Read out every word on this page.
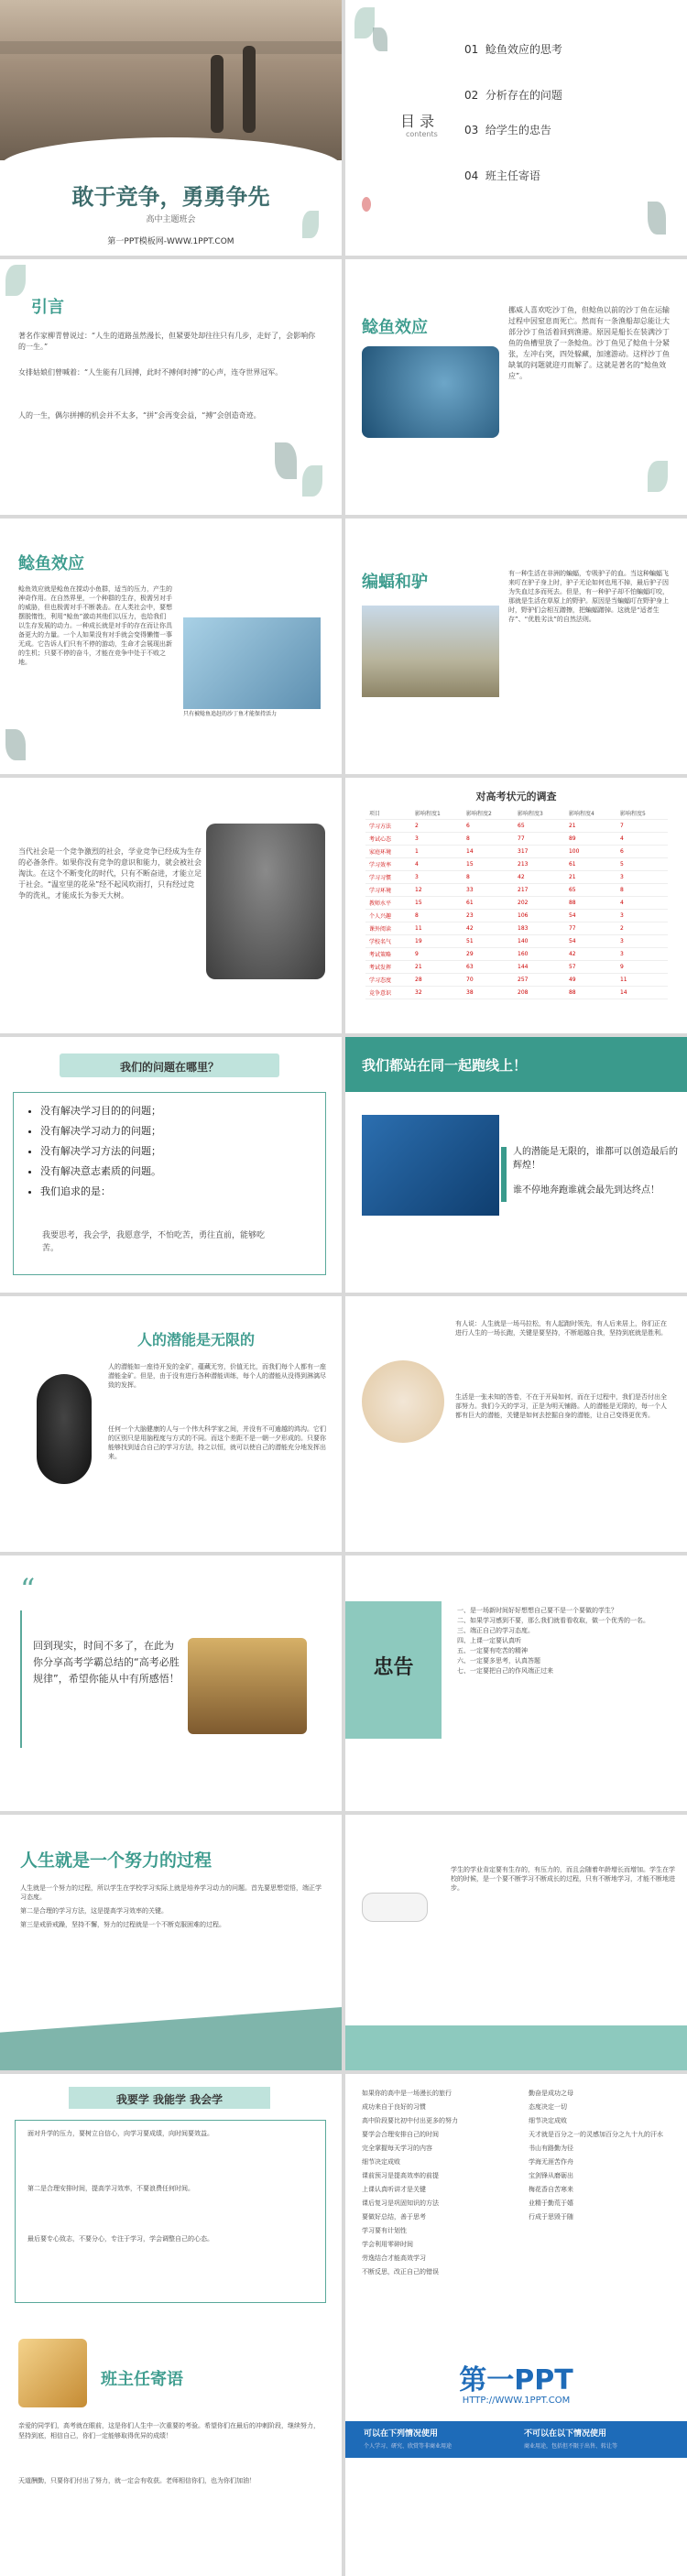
敢于竞争，勇勇争先
高中主题班会
第一PPT模板网-WWW.1PPT.COM
目 录
contents
01 鲶鱼效应的思考
02 分析存在的问题
03 给学生的忠告
04 班主任寄语
引言
著名作家柳青曾说过：“人生的道路虽然漫长，但紧要处却往往只有几步，走好了，会影响你的一生。”
女排姑娘们曾喊着：“人生能有几回搏，此时不搏何时搏”的心声，连夺世界冠军。
人的一生，偶尔拼搏的机会并不太多，“拼”会再变会益，“搏”会创造奇迹。
鲶鱼效应
挪威人喜欢吃沙丁鱼，但鲶鱼以前的沙丁鱼在运输过程中因窒息而死亡。然而有一条渔船却总能让大部分沙丁鱼活着回到渔港。原因是船长在装满沙丁鱼的鱼槽里放了一条鲶鱼。沙丁鱼见了鲶鱼十分紧张，左冲右突，四处躲藏，加速游动。这样沙丁鱼缺氧的问题就迎刃而解了。这就是著名的“鲶鱼效应”。
鲶鱼效应
鲶鱼效应就是鲶鱼在搅动小鱼群，适当的压力，产生的神奇作用。在自然界里，一个种群的生存，极需另对手的威胁，但也极需对手不断袭击。在人类社会中，要想摆脱惰性，利用“鲶鱼”激动其他们以压力，也给我们以生存发展的动力。一种成长就是对手的存在而让你具备更大的力量。一个人如果没有对手就会变得懒惰一事无成。它告诉人们只有不停的游动，生命才会展现出新的生机；只要不停的奋斗，才能在竞争中处于不败之地。
只有被鲶鱼追赶的沙丁鱼才能保持活力
编蝠和驴	有一种生活在非洲的蝙蝠，专吸驴子的血。当这种蝙蝠飞来叮在驴子身上时，驴子无论如何也甩不掉，最后驴子因为失血过多而死去。但是，有一种驴子却不怕蝙蝠叮咬，那就是生活在草原上的野驴。原因是当蝙蝠叮在野驴身上时，野驴们会相互蹭擦，把蝙蝠蹭掉。这就是“适者生存”、“优胜劣汰”的自然法则。
当代社会是一个竞争激烈的社会，学业竞争已经成为生存的必备条件。如果你没有竞争的意识和能力，就会被社会淘汰。在这个不断变化的时代，只有不断奋进，才能立足于社会。“温室里的花朵”经不起风吹雨打，只有经过竞争的洗礼，才能成长为参天大树。
对高考状元的调查
项目	影响程度1	影响程度2	影响程度3	影响程度4	影响程度5
学习方法	2	6	65	21	7
考试心态	3	8	77	89	4
家庭环境	1	14	317	100	6
学习效率	4	15	213	61	5
学习习惯	3	8	42	21	3
学习环境	12	33	217	65	8
教师水平	15	61	202	88	4
个人兴趣	8	23	106	54	3
课外阅读	11	42	183	77	2
学校名气	19	51	140	54	3
考试策略	9	29	160	42	3
考试发挥	21	63	144	57	9
学习态度	28	70	257	49	11
竞争意识	32	38	208	88	14
我们的问题在哪里？
• 没有解决学习目的的问题；
• 没有解决学习动力的问题；
• 没有解决学习方法的问题；
• 没有解决意志素质的问题。
• 我们追求的是：
我要思考，我会学，我愿意学，不怕吃苦，勇往直前，能够吃苦。
我们都站在同一起跑线上！
人的潜能是无限的，谁都可以创造最后的辉煌！
谁不停地奔跑谁就会最先到达终点！
人的潜能是无限的
人的潜能如一座待开发的金矿，蕴藏无穷，价值无比，而我们每个人都有一座潜能金矿。但是，由于没有进行各种潜能训练，每个人的潜能从没得到淋漓尽致的发挥。
任何一个大脑健康的人与一个伟大科学家之间，并没有不可逾越的鸿沟。它们的区别只是用脑程度与方式的不同。而这个差距不是一朝一夕形成的。只要你能够找到适合自己的学习方法，持之以恒，就可以使自己的潜能充分地发挥出来。
有人说：人生就是一场马拉松，有人起跑时领先，有人后来居上，你们正在进行人生的一场长跑，关键是要坚持，不断超越自我，坚持到底就是胜利。
生活是一张未知的答卷，不在于开局如何，而在于过程中，我们是否付出全部努力。我们今天的学习，正是为明天铺路。人的潜能是无限的，每一个人都有巨大的潜能，关键是如何去挖掘自身的潜能，让自己变得更优秀。
“
回到现实，时间不多了，在此为你分享高考学霸总结的“高考必胜规律”，希望你能从中有所感悟！	忠告
一、是一场新时间好好想想自己要不是一个要做的学生？
二、如果学习感到不要，那么我们就看看收取，做一个优秀的一名。
三、端正自己的学习态度。
四、上课一定要认真听
五、一定要有吃苦的精神
六、一定要多思考，认真答题
七、一定要把自己的作风端正过来
人生就是一个努力的过程
人生就是一个努力的过程，所以学生在学校学习实际上就是培养学习动力的问题。首先要思想觉悟，端正学习态度。
第二是合理的学习方法，这是提高学习效率的关键。
第三是戒骄戒躁，坚持不懈，努力的过程就是一个不断克服困难的过程。
学生的学业肯定要有生存的，有压力的，而且会随着年龄增长而增加。学生在学校的时候，是一个要不断学习不断成长的过程，只有不断地学习，才能不断地进步。
我要学 我能学 我会学
面对升学的压力，要树立自信心，向学习要成绩，向时间要效益。
第二是合理安排时间，提高学习效率，不要浪费任何时间。
最后要专心致志，不要分心，专注于学习，学会调整自己的心态。
如果你的高中是一场漫长的旅行
成功来自于良好的习惯
高中阶段要比初中付出更多的努力
要学会合理安排自己的时间
完全掌握每天学习的内容
细节决定成败
课前预习是提高效率的前提
上课认真听讲才是关键
课后复习是巩固知识的方法
要做好总结，善于思考
学习要有计划性
学会利用零碎时间
劳逸结合才能高效学习
不断反思，改正自己的错误
勤奋是成功之母
态度决定一切
细节决定成败
天才就是百分之一的灵感加百分之九十九的汗水
书山有路勤为径
学海无涯苦作舟
宝剑锋从磨砺出
梅花香自苦寒来
业精于勤荒于嬉
行成于思毁于随
班主任寄语
亲爱的同学们，高考就在眼前，这是你们人生中一次重要的考验。希望你们在最后的冲刺阶段，继续努力，坚持到底，相信自己，你们一定能够取得优异的成绩！
天道酬勤，只要你们付出了努力，就一定会有收获。老师相信你们，也为你们加油！
第一PPT
HTTP://WWW.1PPT.COM
可以在下列情况使用
个人学习、研究、欣赏等非商业用途
不可以在以下情况使用
商业用途，包括但不限于出售、转让等
